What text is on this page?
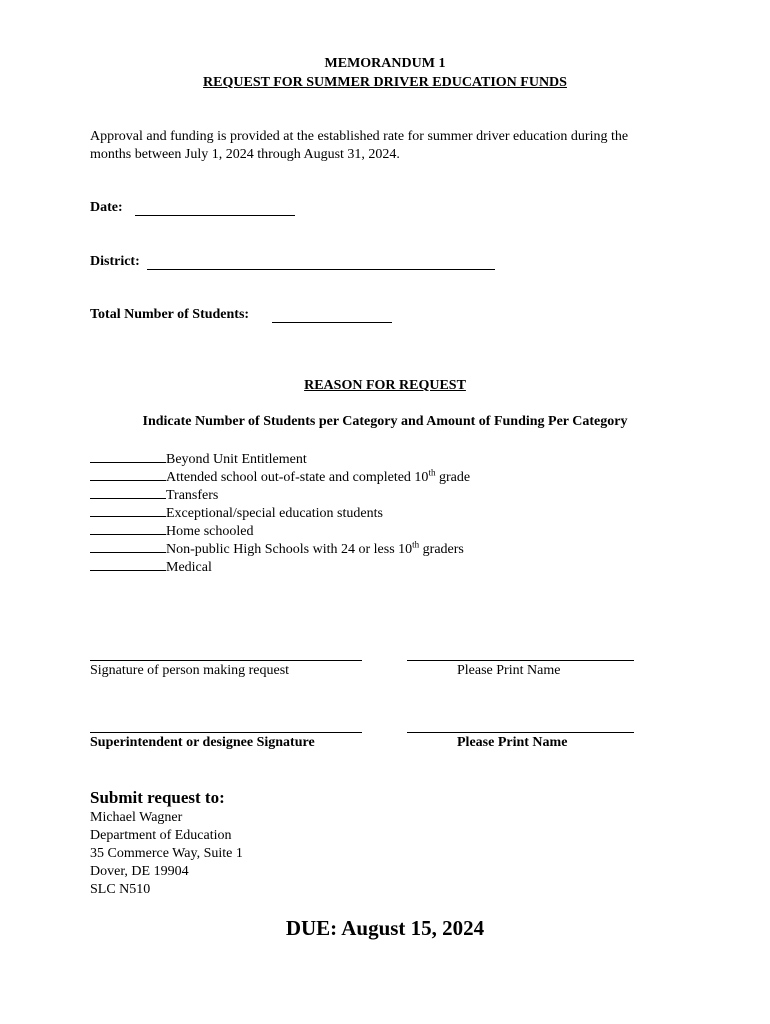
MEMORANDUM 1
REQUEST FOR SUMMER DRIVER EDUCATION FUNDS
Approval and funding is provided at the established rate for summer driver education during the
months between July 1, 2024 through August 31, 2024.
Date:
District:
Total Number of Students:
REASON FOR REQUEST
Indicate Number of Students per Category and Amount of Funding Per Category
Beyond Unit Entitlement
Attended school out-of-state and completed 10th grade
Transfers
Exceptional/special education students
Home schooled
Non-public High Schools with 24 or less 10th graders
Medical
Signature of person making request	Please Print Name
Superintendent or designee Signature	Please Print Name
Submit request to:
Michael Wagner
Department of Education
35 Commerce Way, Suite 1
Dover, DE 19904
SLC N510
DUE: August 15, 2024
